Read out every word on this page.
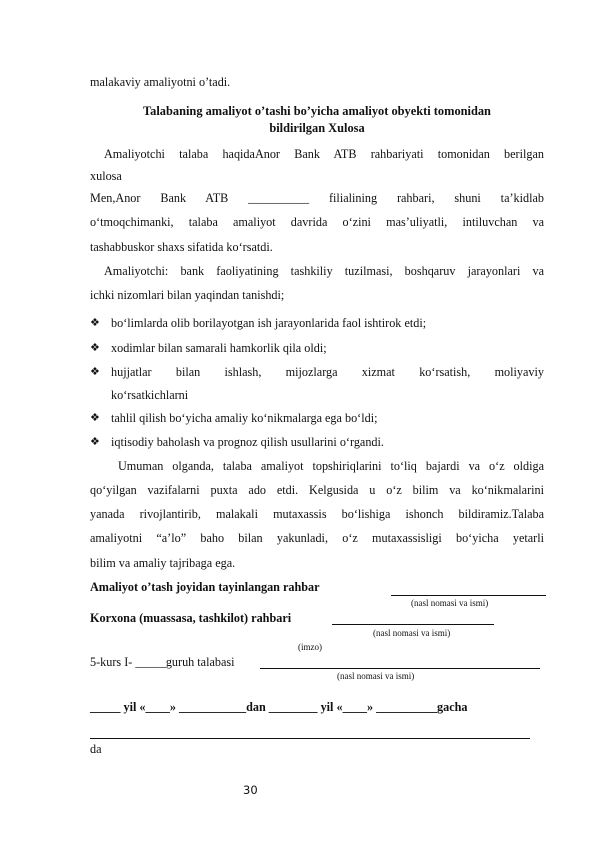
malakaviy amaliyotni o’tadi.
Talabaning amaliyot o’tashi bo’yicha amaliyot obyekti tomonidan
bildirilgan Xulosa
Amaliyotchi talaba haqidaAnor Bank ATB rahbariyati tomonidan berilgan
xulosa
Men,Anor Bank ATB __________ filialining rahbari, shuni ta’kidlab
o‘tmoqchimanki, talaba amaliyot davrida o‘zini mas’uliyatli, intiluvchan va
tashabbuskor shaxs sifatida ko‘rsatdi.
Amaliyotchi: bank faoliyatining tashkiliy tuzilmasi, boshqaruv jarayonlari va
ichki nizomlari bilan yaqindan tanishdi;
❖ bo‘limlarda olib borilayotgan ish jarayonlarida faol ishtirok etdi;
❖ xodimlar bilan samarali hamkorlik qila oldi;
❖ hujjatlar bilan ishlash, mijozlarga xizmat ko‘rsatish, moliyaviy
ko‘rsatkichlarni
❖ tahlil qilish bo‘yicha amaliy ko‘nikmalarga ega bo‘ldi;
❖ iqtisodiy baholash va prognoz qilish usullarini o‘rgandi.
Umuman olganda, talaba amaliyot topshiriqlarini to‘liq bajardi va o‘z oldiga
qo‘yilgan vazifalarni puxta ado etdi. Kelgusida u o‘z bilim va ko‘nikmalarini
yanada rivojlantirib, malakali mutaxassis bo‘lishiga ishonch bildiramiz.Talaba
amaliyotni “a’lo” baho bilan yakunladi, o‘z mutaxassisligi bo‘yicha yetarli
bilim va amaliy tajribaga ega.
Amaliyot o’tash joyidan tayinlangan rahbar
(nasl nomasi va ismi)
Korxona (muassasa, tashkilot) rahbari
(nasl nomasi va ismi)
(imzo)
5-kurs I- _____guruh talabasi
(nasl nomasi va ismi)
_____ yil «____» ___________dan ________ yil «____» __________gacha
da
30
